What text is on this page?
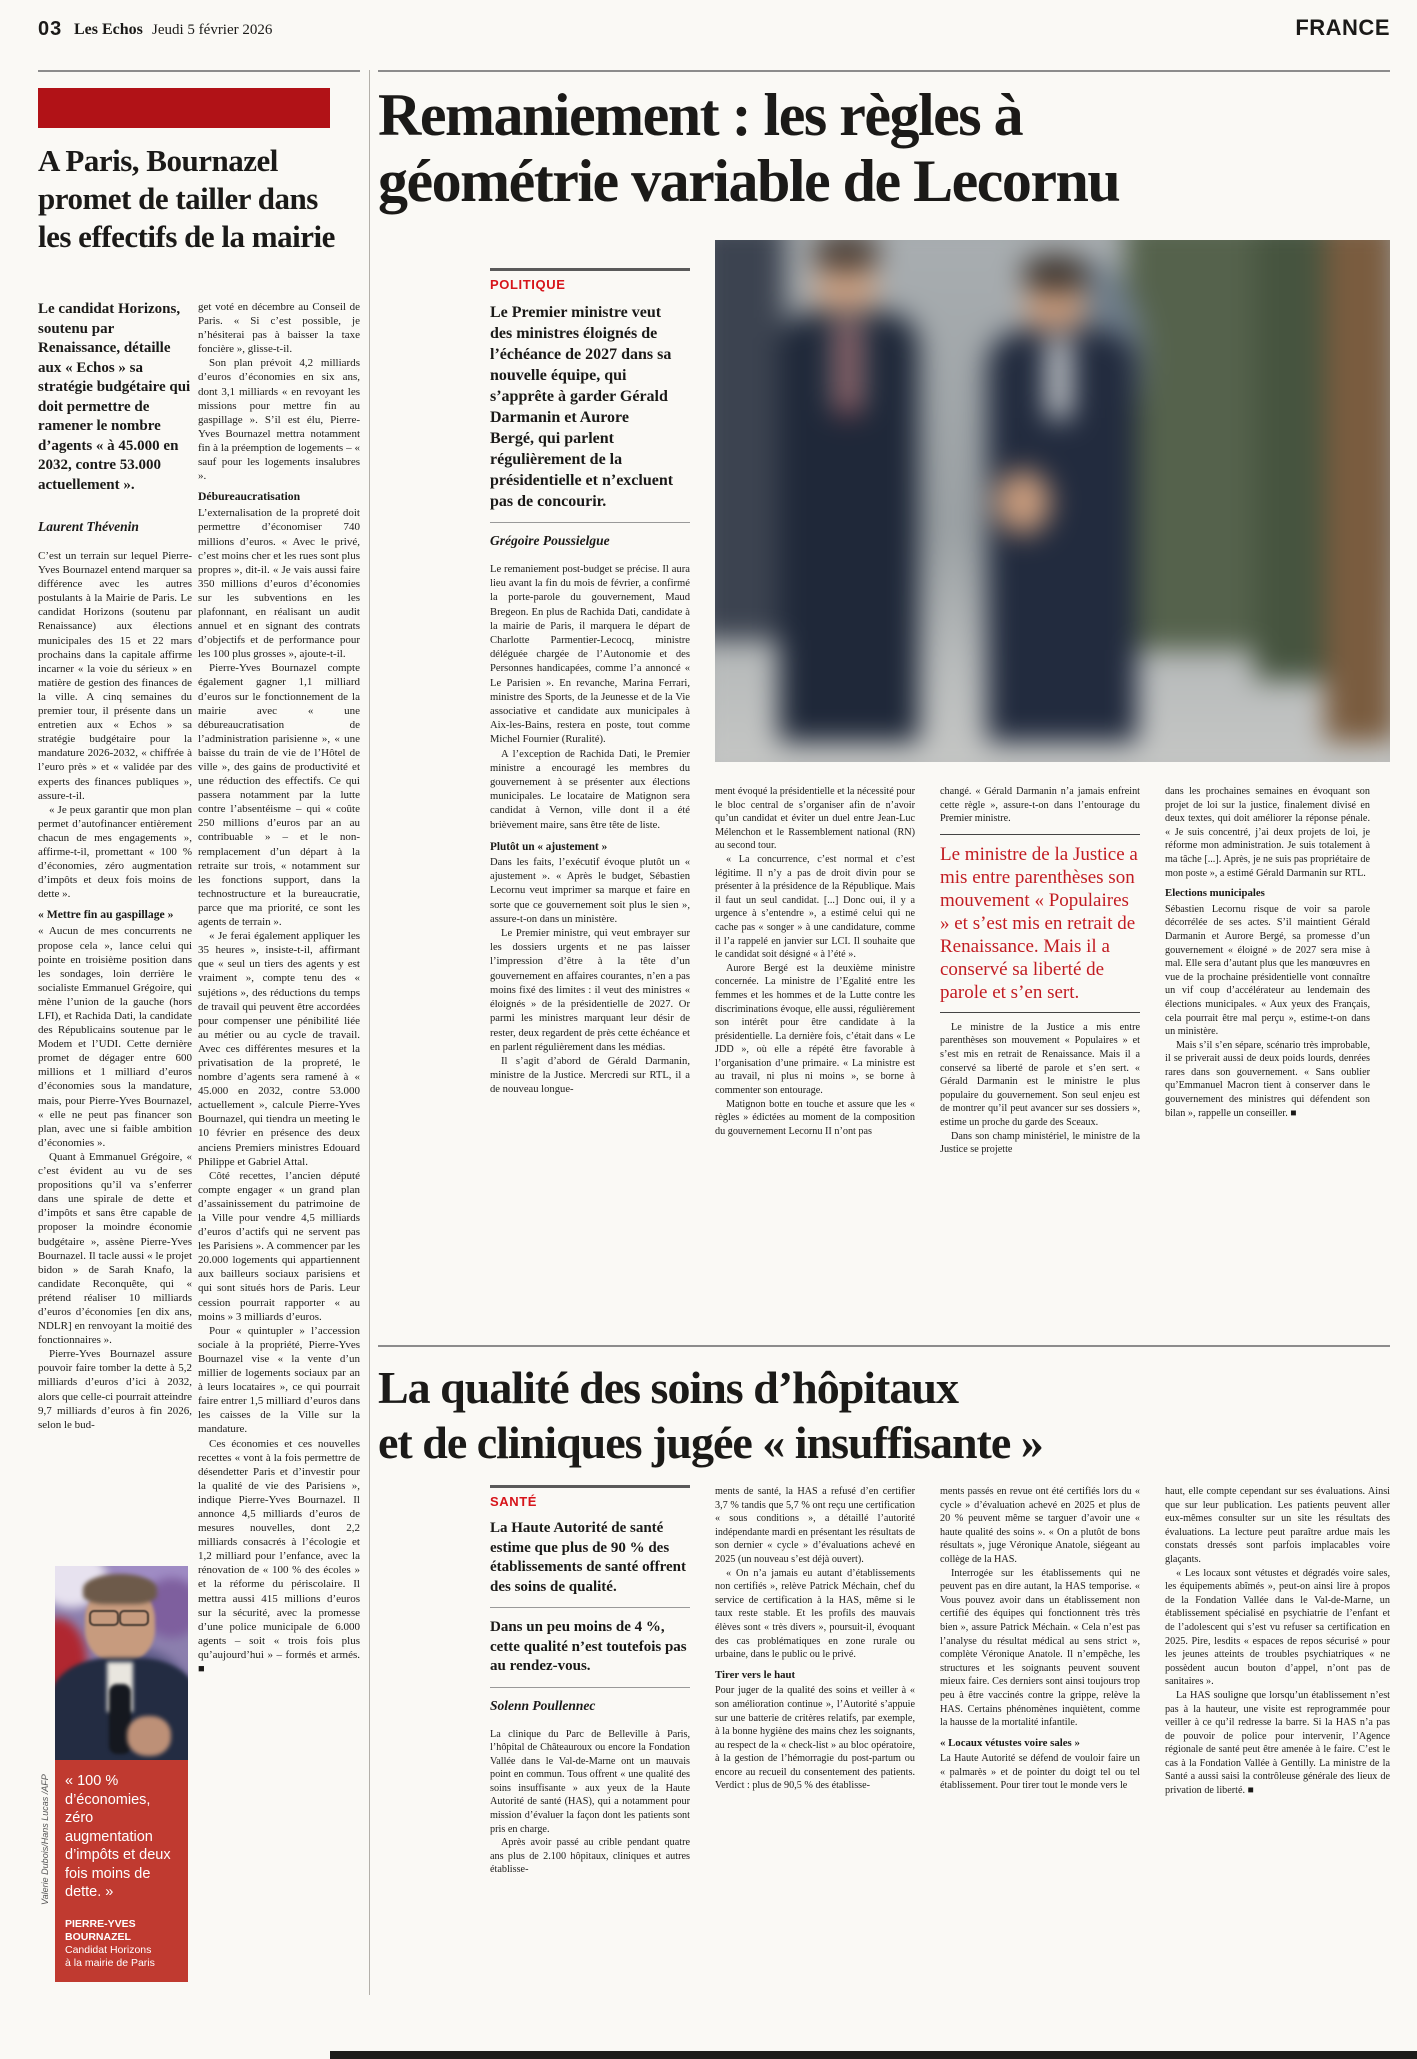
03 Les Echos Jeudi 5 février 2026	FRANCE
A Paris, Bournazel
promet de tailler dans
les effectifs de la mairie
Le candidat Horizons, soutenu par Renaissance, détaille aux « Echos » sa stratégie budgétaire qui doit permettre de ramener le nombre d’agents « à 45.000 en 2032, contre 53.000 actuellement ».
Laurent Thévenin

C’est un terrain sur lequel Pierre-Yves Bournazel entend marquer sa différence avec les autres postulants à la Mairie de Paris. Le candidat Horizons (soutenu par Renaissance) aux élections municipales des 15 et 22 mars prochains dans la capitale affirme incarner « la voie du sérieux » en matière de gestion des finances de la ville. A cinq semaines du premier tour, il présente dans un entretien aux « Echos » sa stratégie budgétaire pour la mandature 2026-2032, « chiffrée à l’euro près » et « validée par des experts des finances publiques », assure-t-il.

« Je peux garantir que mon plan permet d’autofinancer entièrement chacun de mes engagements », affirme-t-il, promettant « 100 % d’économies, zéro augmentation d’impôts et deux fois moins de dette ».

« Mettre fin au gaspillage »

« Aucun de mes concurrents ne propose cela », lance celui qui pointe en troisième position dans les sondages, loin derrière le socialiste Emmanuel Grégoire, qui mène l’union de la gauche (hors LFI), et Rachida Dati, la candidate des Républicains soutenue par le Modem et l’UDI. Cette dernière promet de dégager entre 600 millions et 1 milliard d’euros d’économies sous la mandature, mais, pour Pierre-Yves Bournazel, « elle ne peut pas financer son plan, avec une si faible ambition d’économies ».

Quant à Emmanuel Grégoire, « c’est évident au vu de ses propositions qu’il va s’enferrer dans une spirale de dette et d’impôts et sans être capable de proposer la moindre économie budgétaire », assène Pierre-Yves Bournazel. Il tacle aussi « le projet bidon » de Sarah Knafo, la candidate Reconquête, qui « prétend réaliser 10 milliards d’euros d’économies [en dix ans, NDLR] en renvoyant la moitié des fonctionnaires ».

Pierre-Yves Bournazel assure pouvoir faire tomber la dette à 5,2 milliards d’euros d’ici à 2032, alors que celle-ci pourrait atteindre 9,7 milliards d’euros à fin 2026, selon le bud-

get voté en décembre au Conseil de Paris. « Si c’est possible, je n’hésiterai pas à baisser la taxe foncière », glisse-t-il.

Son plan prévoit 4,2 milliards d’euros d’économies en six ans, dont 3,1 milliards « en revoyant les missions pour mettre fin au gaspillage ». S’il est élu, Pierre-Yves Bournazel mettra notamment fin à la préemption de logements – « sauf pour les logements insalubres ».

Débureaucratisation

L’externalisation de la propreté doit permettre d’économiser 740 millions d’euros. « Avec le privé, c’est moins cher et les rues sont plus propres », dit-il. « Je vais aussi faire 350 millions d’euros d’économies sur les subventions en les plafonnant, en réalisant un audit annuel et en signant des contrats d’objectifs et de performance pour les 100 plus grosses », ajoute-t-il.

Pierre-Yves Bournazel compte également gagner 1,1 milliard d’euros sur le fonctionnement de la mairie avec « une débureaucratisation de l’administration parisienne », « une baisse du train de vie de l’Hôtel de ville », des gains de productivité et une réduction des effectifs. Ce qui passera notamment par la lutte contre l’absentéisme – qui « coûte 250 millions d’euros par an au contribuable » – et le non-remplacement d’un départ à la retraite sur trois, « notamment sur les fonctions support, dans la technostructure et la bureaucratie, parce que ma priorité, ce sont les agents de terrain ».

« Je ferai également appliquer les 35 heures », insiste-t-il, affirmant que « seul un tiers des agents y est vraiment », compte tenu des « sujétions », des réductions du temps de travail qui peuvent être accordées pour compenser une pénibilité liée au métier ou au cycle de travail. Avec ces différentes mesures et la privatisation de la propreté, le nombre d’agents sera ramené à « 45.000 en 2032, contre 53.000 actuellement », calcule Pierre-Yves Bournazel, qui tiendra un meeting le 10 février en présence des deux anciens Premiers ministres Edouard Philippe et Gabriel Attal.

Côté recettes, l’ancien député compte engager « un grand plan d’assainissement du patrimoine de la Ville pour vendre 4,5 milliards d’euros d’actifs qui ne servent pas les Parisiens ». A commencer par les 20.000 logements qui appartiennent aux bailleurs sociaux parisiens et qui sont situés hors de Paris. Leur cession pourrait rapporter « au moins » 3 milliards d’euros.

Pour « quintupler » l’accession sociale à la propriété, Pierre-Yves Bournazel vise « la vente d’un millier de logements sociaux par an à leurs locataires », ce qui pourrait faire entrer 1,5 milliard d’euros dans les caisses de la Ville sur la mandature.

Ces économies et ces nouvelles recettes « vont à la fois permettre de désendetter Paris et d’investir pour la qualité de vie des Parisiens », indique Pierre-Yves Bournazel. Il annonce 4,5 milliards d’euros de mesures nouvelles, dont 2,2 milliards consacrés à l’écologie et 1,2 milliard pour l’enfance, avec la rénovation de « 100 % des écoles » et la réforme du périscolaire. Il mettra aussi 415 millions d’euros sur la sécurité, avec la promesse d’une police municipale de 6.000 agents – soit « trois fois plus qu’aujourd’hui » – formés et armés. ■

Valerie Dubois/Hans Lucas /AFP « 100 % d’économies, zéro augmentation d’impôts et deux fois moins de dette. »

PIERRE-YVES BOURNAZEL

Candidat Horizons
à la mairie de Paris
Remaniement : les règles à
géométrie variable de Lecornu
POLITIQUE
Le Premier ministre veut des ministres éloignés de l’échéance de 2027 dans sa nouvelle équipe, qui s’apprête à garder Gérald Darmanin et Aurore Bergé, qui parlent régulièrement de la présidentielle et n’excluent pas de concourir.
Grégoire Poussielgue

Le remaniement post-budget se précise. Il aura lieu avant la fin du mois de février, a confirmé la porte-parole du gouvernement, Maud Bregeon. En plus de Rachida Dati, candidate à la mairie de Paris, il marquera le départ de Charlotte Parmentier-Lecocq, ministre déléguée chargée de l’Autonomie et des Personnes handicapées, comme l’a annoncé « Le Parisien ». En revanche, Marina Ferrari, ministre des Sports, de la Jeunesse et de la Vie associative et candidate aux municipales à Aix-les-Bains, restera en poste, tout comme Michel Fournier (Ruralité).

A l’exception de Rachida Dati, le Premier ministre a encouragé les membres du gouvernement à se présenter aux élections municipales. Le locataire de Matignon sera candidat à Vernon, ville dont il a été brièvement maire, sans être tête de liste.

Plutôt un « ajustement »

Dans les faits, l’exécutif évoque plutôt un « ajustement ». « Après le budget, Sébastien Lecornu veut imprimer sa marque et faire en sorte que ce gouvernement soit plus le sien », assure-t-on dans un ministère.

Le Premier ministre, qui veut embrayer sur les dossiers urgents et ne pas laisser l’impression d’être à la tête d’un gouvernement en affaires courantes, n’en a pas moins fixé des limites : il veut des ministres « éloignés » de la présidentielle de 2027. Or parmi les ministres marquant leur désir de rester, deux regardent de près cette échéance et en parlent régulièrement dans les médias.

Il s’agit d’abord de Gérald Darmanin, ministre de la Justice. Mercredi sur RTL, il a de nouveau longue-

ment évoqué la présidentielle et la nécessité pour le bloc central de s’organiser afin de n’avoir qu’un candidat et éviter un duel entre Jean-Luc Mélenchon et le Rassemblement national (RN) au second tour.

« La concurrence, c’est normal et c’est légitime. Il n’y a pas de droit divin pour se présenter à la présidence de la République. Mais il faut un seul candidat. [...] Donc oui, il y a urgence à s’entendre », a estimé celui qui ne cache pas « songer » à une candidature, comme il l’a rappelé en janvier sur LCI. Il souhaite que le candidat soit désigné « à l’été ».

Aurore Bergé est la deuxième ministre concernée. La ministre de l’Egalité entre les femmes et les hommes et de la Lutte contre les discriminations évoque, elle aussi, régulièrement son intérêt pour être candidate à la présidentielle. La dernière fois, c’était dans « Le JDD », où elle a répété être favorable à l’organisation d’une primaire. « La ministre est au travail, ni plus ni moins », se borne à commenter son entourage.

Matignon botte en touche et assure que les « règles » édictées au moment de la composition du gouvernement Lecornu II n’ont pas

changé. « Gérald Darmanin n’a jamais enfreint cette règle », assure-t-on dans l’entourage du Premier ministre.

Le ministre de la Justice a mis entre parenthèses son mouvement « Populaires » et s’est mis en retrait de Renaissance. Mais il a conservé sa liberté de parole et s’en sert.

Le ministre de la Justice a mis entre parenthèses son mouvement « Populaires » et s’est mis en retrait de Renaissance. Mais il a conservé sa liberté de parole et s’en sert. « Gérald Darmanin est le ministre le plus populaire du gouvernement. Son seul enjeu est de montrer qu’il peut avancer sur ses dossiers », estime un proche du garde des Sceaux.

Dans son champ ministériel, le ministre de la Justice se projette

dans les prochaines semaines en évoquant son projet de loi sur la justice, finalement divisé en deux textes, qui doit améliorer la réponse pénale. « Je suis concentré, j’ai deux projets de loi, je réforme mon administration. Je suis totalement à ma tâche [...]. Après, je ne suis pas propriétaire de mon poste », a estimé Gérald Darmanin sur RTL.

Elections municipales

Sébastien Lecornu risque de voir sa parole décorrélée de ses actes. S’il maintient Gérald Darmanin et Aurore Bergé, sa promesse d’un gouvernement « éloigné » de 2027 sera mise à mal. Elle sera d’autant plus que les manœuvres en vue de la prochaine présidentielle vont connaître un vif coup d’accélérateur au lendemain des élections municipales. « Aux yeux des Français, cela pourrait être mal perçu », estime-t-on dans un ministère.

Mais s’il s’en sépare, scénario très improbable, il se priverait aussi de deux poids lourds, denrées rares dans son gouvernement. « Sans oublier qu’Emmanuel Macron tient à conserver dans le gouvernement des ministres qui défendent son bilan », rappelle un conseiller. ■

La qualité des soins d’hôpitaux
et de cliniques jugée « insuffisante »
SANTÉ
La Haute Autorité de santé estime que plus de 90 % des établissements de santé offrent des soins de qualité.
Dans un peu moins de 4 %, cette qualité n’est toutefois pas au rendez-vous.
Solenn Poullennec

La clinique du Parc de Belleville à Paris, l’hôpital de Châteauroux ou encore la Fondation Vallée dans le Val-de-Marne ont un mauvais point en commun. Tous offrent « une qualité des soins insuffisante » aux yeux de la Haute Autorité de santé (HAS), qui a notamment pour mission d’évaluer la façon dont les patients sont pris en charge.

Après avoir passé au crible pendant quatre ans plus de 2.100 hôpitaux, cliniques et autres établisse-

ments de santé, la HAS a refusé d’en certifier 3,7 % tandis que 5,7 % ont reçu une certification « sous conditions », a détaillé l’autorité indépendante mardi en présentant les résultats de son dernier « cycle » d’évaluations achevé en 2025 (un nouveau s’est déjà ouvert).

« On n’a jamais eu autant d’établissements non certifiés », relève Patrick Méchain, chef du service de certification à la HAS, même si le taux reste stable. Et les profils des mauvais élèves sont « très divers », poursuit-il, évoquant des cas problématiques en zone rurale ou urbaine, dans le public ou le privé.

Tirer vers le haut

Pour juger de la qualité des soins et veiller à « son amélioration continue », l’Autorité s’appuie sur une batterie de critères relatifs, par exemple, à la bonne hygiène des mains chez les soignants, au respect de la « check-list » au bloc opératoire, à la gestion de l’hémorragie du post-partum ou encore au recueil du consentement des patients. Verdict : plus de 90,5 % des établisse-

ments passés en revue ont été certifiés lors du « cycle » d’évaluation achevé en 2025 et plus de 20 % peuvent même se targuer d’avoir une « haute qualité des soins ». « On a plutôt de bons résultats », juge Véronique Anatole, siégeant au collège de la HAS.

Interrogée sur les établissements qui ne peuvent pas en dire autant, la HAS temporise. « Vous pouvez avoir dans un établissement non certifié des équipes qui fonctionnent très très bien », assure Patrick Méchain. « Cela n’est pas l’analyse du résultat médical au sens strict », complète Véronique Anatole. Il n’empêche, les structures et les soignants peuvent souvent mieux faire. Ces derniers sont ainsi toujours trop peu à être vaccinés contre la grippe, relève la HAS. Certains phénomènes inquiètent, comme la hausse de la mortalité infantile.

« Locaux vétustes voire sales »

La Haute Autorité se défend de vouloir faire un « palmarès » et de pointer du doigt tel ou tel établissement. Pour tirer tout le monde vers le

haut, elle compte cependant sur ses évaluations. Ainsi que sur leur publication. Les patients peuvent aller eux-mêmes consulter sur un site les résultats des évaluations. La lecture peut paraître ardue mais les constats dressés sont parfois implacables voire glaçants.

« Les locaux sont vétustes et dégradés voire sales, les équipements abîmés », peut-on ainsi lire à propos de la Fondation Vallée dans le Val-de-Marne, un établissement spécialisé en psychiatrie de l’enfant et de l’adolescent qui s’est vu refuser sa certification en 2025. Pire, lesdits « espaces de repos sécurisé » pour les jeunes atteints de troubles psychiatriques « ne possèdent aucun bouton d’appel, n’ont pas de sanitaires ».

La HAS souligne que lorsqu’un établissement n’est pas à la hauteur, une visite est reprogrammée pour veiller à ce qu’il redresse la barre. Si la HAS n’a pas de pouvoir de police pour intervenir, l’Agence régionale de santé peut être amenée à le faire. C’est le cas à la Fondation Vallée à Gentilly. La ministre de la Santé a aussi saisi la contrôleuse générale des lieux de privation de liberté. ■
